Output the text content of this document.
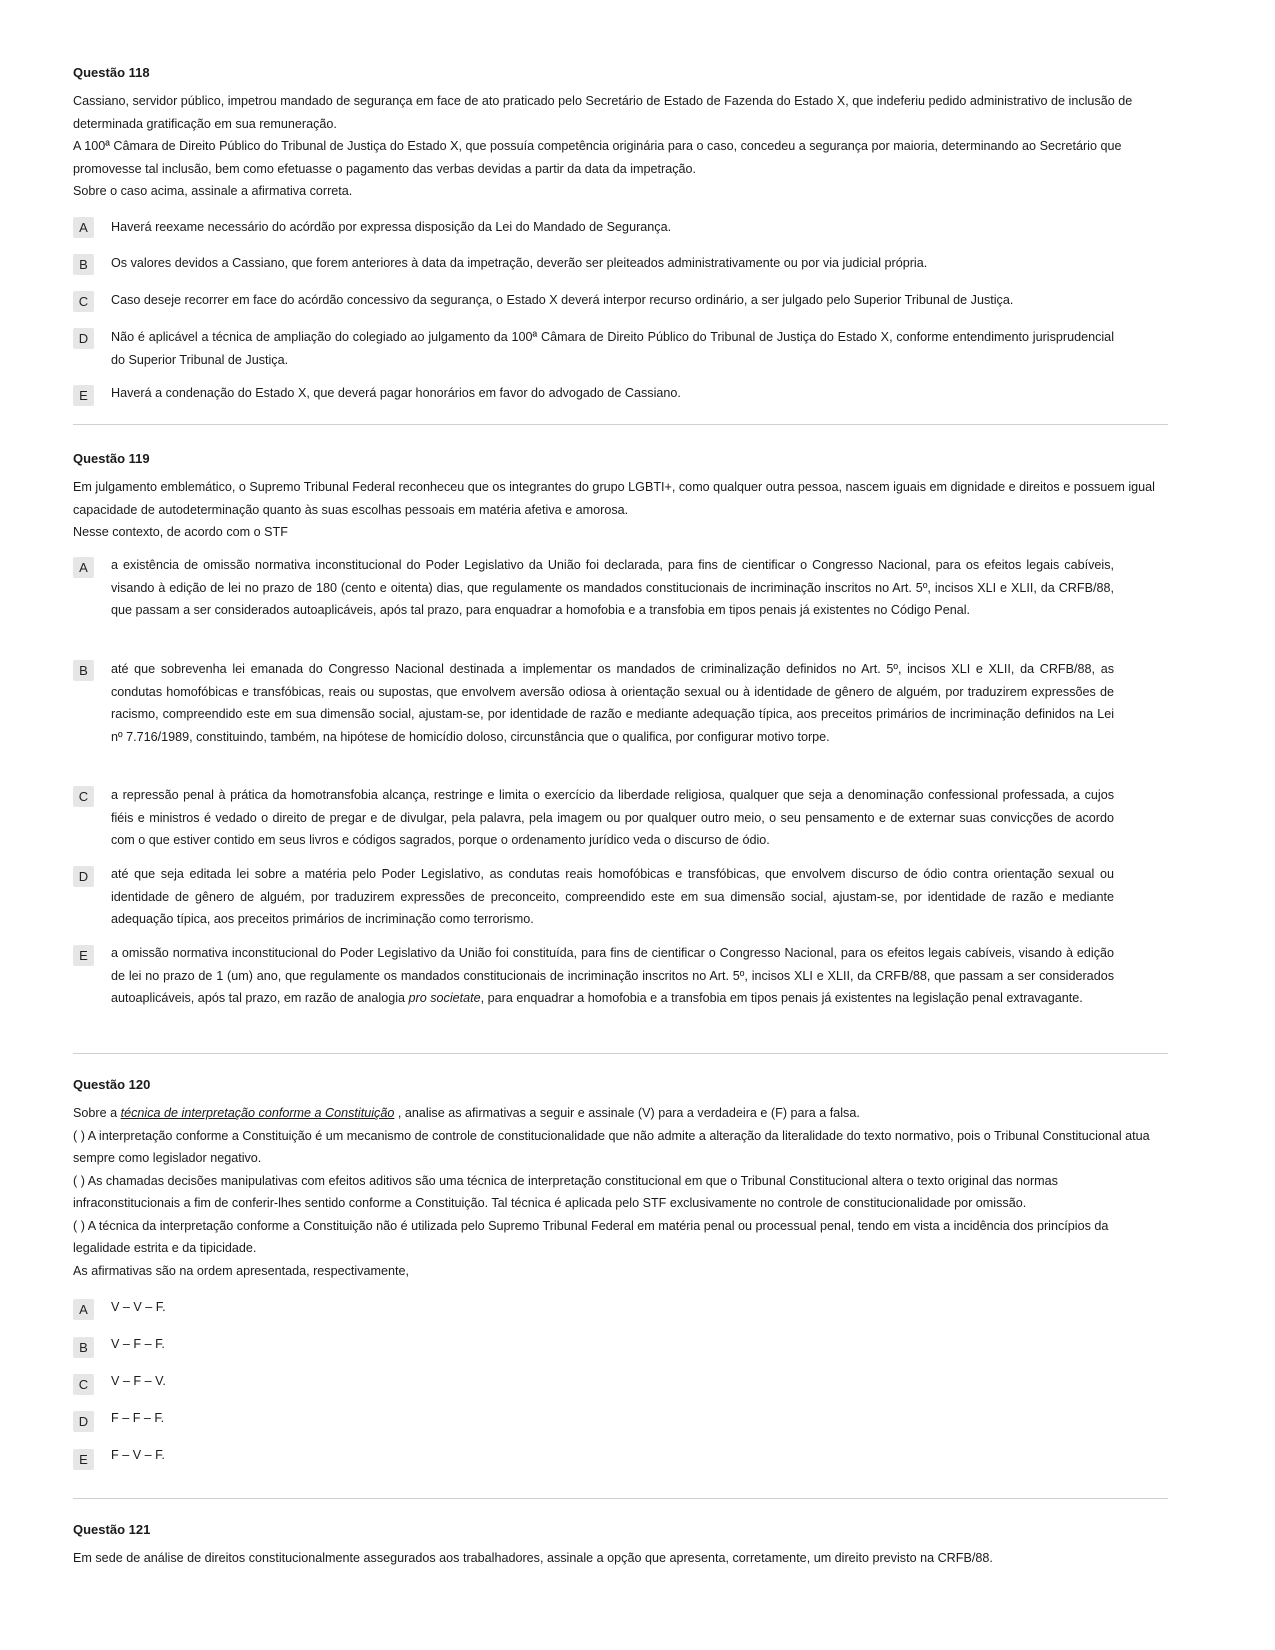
Questão 118

Cassiano, servidor público, impetrou mandado de segurança em face de ato praticado pelo Secretário de Estado de Fazenda do Estado X, que indeferiu pedido administrativo de inclusão de determinada gratificação em sua remuneração.

A 100ª Câmara de Direito Público do Tribunal de Justiça do Estado X, que possuía competência originária para o caso, concedeu a segurança por maioria, determinando ao Secretário que promovesse tal inclusão, bem como efetuasse o pagamento das verbas devidas a partir da data da impetração.

Sobre o caso acima, assinale a afirmativa correta.

A	Haverá reexame necessário do acórdão por expressa disposição da Lei do Mandado de Segurança.
B	Os valores devidos a Cassiano, que forem anteriores à data da impetração, deverão ser pleiteados administrativamente ou por via judicial própria.
C	Caso deseje recorrer em face do acórdão concessivo da segurança, o Estado X deverá interpor recurso ordinário, a ser julgado pelo Superior Tribunal de Justiça.
D	Não é aplicável a técnica de ampliação do colegiado ao julgamento da 100ª Câmara de Direito Público do Tribunal de Justiça do Estado X, conforme entendimento jurisprudencial do Superior Tribunal de Justiça.
E	Haverá a condenação do Estado X, que deverá pagar honorários em favor do advogado de Cassiano.
Questão 119

Em julgamento emblemático, o Supremo Tribunal Federal reconheceu que os integrantes do grupo LGBTI+, como qualquer outra pessoa, nascem iguais em dignidade e direitos e possuem igual capacidade de autodeterminação quanto às suas escolhas pessoais em matéria afetiva e amorosa.

Nesse contexto, de acordo com o STF

A	a existência de omissão normativa inconstitucional do Poder Legislativo da União foi declarada, para fins de cientificar o Congresso Nacional, para os efeitos legais cabíveis, visando à edição de lei no prazo de 180 (cento e oitenta) dias, que regulamente os mandados constitucionais de incriminação inscritos no Art. 5º, incisos XLI e XLII, da CRFB/88, que passam a ser considerados autoaplicáveis, após tal prazo, para enquadrar a homofobia e a transfobia em tipos penais já existentes no Código Penal.
B	até que sobrevenha lei emanada do Congresso Nacional destinada a implementar os mandados de criminalização definidos no Art. 5º, incisos XLI e XLII, da CRFB/88, as condutas homofóbicas e transfóbicas, reais ou supostas, que envolvem aversão odiosa à orientação sexual ou à identidade de gênero de alguém, por traduzirem expressões de racismo, compreendido este em sua dimensão social, ajustam-se, por identidade de razão e mediante adequação típica, aos preceitos primários de incriminação definidos na Lei nº 7.716/1989, constituindo, também, na hipótese de homicídio doloso, circunstância que o qualifica, por configurar motivo torpe.
C	a repressão penal à prática da homotransfobia alcança, restringe e limita o exercício da liberdade religiosa, qualquer que seja a denominação confessional professada, a cujos fiéis e ministros é vedado o direito de pregar e de divulgar, pela palavra, pela imagem ou por qualquer outro meio, o seu pensamento e de externar suas convicções de acordo com o que estiver contido em seus livros e códigos sagrados, porque o ordenamento jurídico veda o discurso de ódio.
D	até que seja editada lei sobre a matéria pelo Poder Legislativo, as condutas reais homofóbicas e transfóbicas, que envolvem discurso de ódio contra orientação sexual ou identidade de gênero de alguém, por traduzirem expressões de preconceito, compreendido este em sua dimensão social, ajustam-se, por identidade de razão e mediante adequação típica, aos preceitos primários de incriminação como terrorismo.
E	a omissão normativa inconstitucional do Poder Legislativo da União foi constituída, para fins de cientificar o Congresso Nacional, para os efeitos legais cabíveis, visando à edição de lei no prazo de 1 (um) ano, que regulamente os mandados constitucionais de incriminação inscritos no Art. 5º, incisos XLI e XLII, da CRFB/88, que passam a ser considerados autoaplicáveis, após tal prazo, em razão de analogia pro societate, para enquadrar a homofobia e a transfobia em tipos penais já existentes na legislação penal extravagante.
Questão 120

Sobre a técnica de interpretação conforme a Constituição , analise as afirmativas a seguir e assinale (V) para a verdadeira e (F) para a falsa.

( ) A interpretação conforme a Constituição é um mecanismo de controle de constitucionalidade que não admite a alteração da literalidade do texto normativo, pois o Tribunal Constitucional atua sempre como legislador negativo.

( ) As chamadas decisões manipulativas com efeitos aditivos são uma técnica de interpretação constitucional em que o Tribunal Constitucional altera o texto original das normas infraconstitucionais a fim de conferir-lhes sentido conforme a Constituição. Tal técnica é aplicada pelo STF exclusivamente no controle de constitucionalidade por omissão.

( ) A técnica da interpretação conforme a Constituição não é utilizada pelo Supremo Tribunal Federal em matéria penal ou processual penal, tendo em vista a incidência dos princípios da legalidade estrita e da tipicidade.

As afirmativas são na ordem apresentada, respectivamente,

A	V – V – F.
B	V – F – F.
C	V – F – V.
D	F – F – F.
E	F – V – F.
Questão 121

Em sede de análise de direitos constitucionalmente assegurados aos trabalhadores, assinale a opção que apresenta, corretamente, um direito previsto na CRFB/88.
